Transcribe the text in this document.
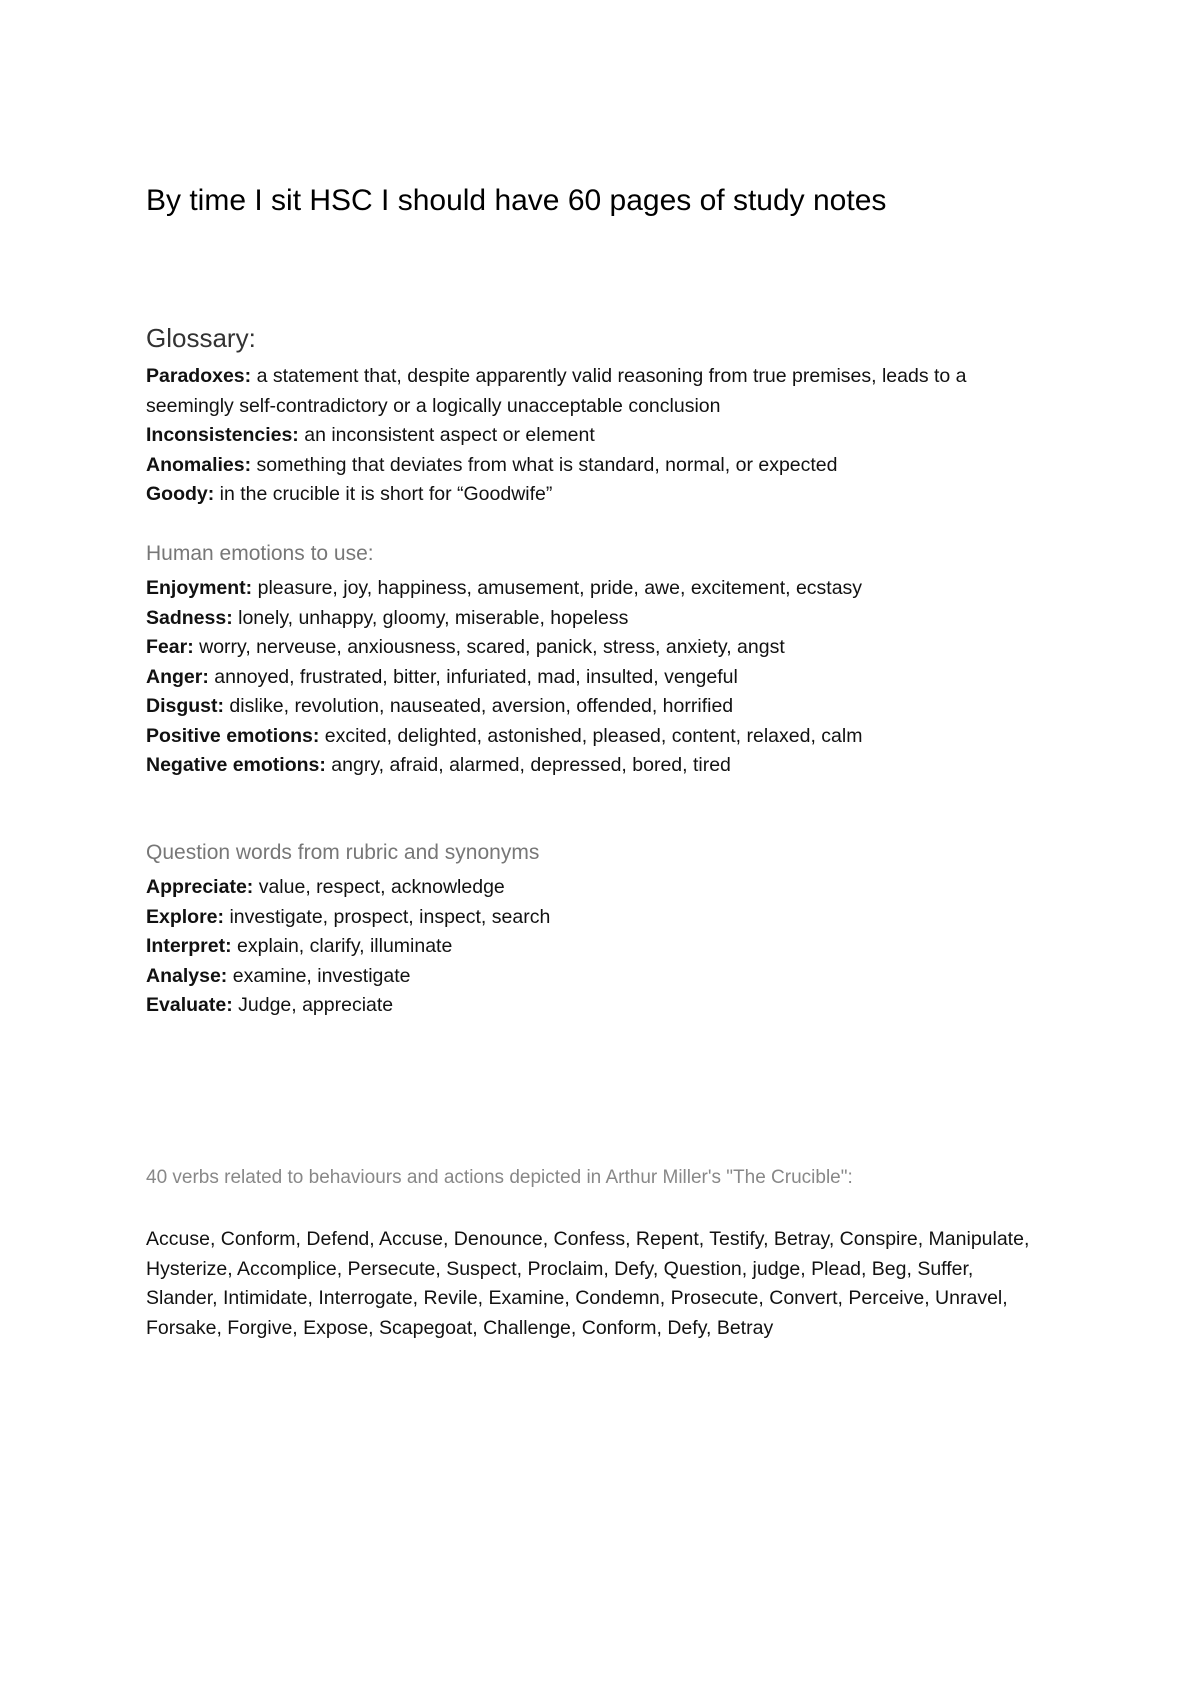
By time I sit HSC I should have 60 pages of study notes
Glossary:

Paradoxes: a statement that, despite apparently valid reasoning from true premises, leads to a seemingly self-contradictory or a logically unacceptable conclusion

Inconsistencies: an inconsistent aspect or element

Anomalies: something that deviates from what is standard, normal, or expected

Goody: in the crucible it is short for “Goodwife”

Human emotions to use:

Enjoyment: pleasure, joy, happiness, amusement, pride, awe, excitement, ecstasy

Sadness: lonely, unhappy, gloomy, miserable, hopeless

Fear: worry, nerveuse, anxiousness, scared, panick, stress, anxiety, angst

Anger: annoyed, frustrated, bitter, infuriated, mad, insulted, vengeful

Disgust: dislike, revolution, nauseated, aversion, offended, horrified

Positive emotions: excited, delighted, astonished, pleased, content, relaxed, calm

Negative emotions: angry, afraid, alarmed, depressed, bored, tired

Question words from rubric and synonyms

Appreciate: value, respect, acknowledge

Explore: investigate, prospect, inspect, search

Interpret: explain, clarify, illuminate

Analyse: examine, investigate

Evaluate: Judge, appreciate

40 verbs related to behaviours and actions depicted in Arthur Miller's "The Crucible":

Accuse, Conform, Defend, Accuse, Denounce, Confess, Repent, Testify, Betray, Conspire, Manipulate, Hysterize, Accomplice, Persecute, Suspect, Proclaim, Defy, Question, judge, Plead, Beg, Suffer, Slander, Intimidate, Interrogate, Revile, Examine, Condemn, Prosecute, Convert, Perceive, Unravel, Forsake, Forgive, Expose, Scapegoat, Challenge, Conform, Defy, Betray
